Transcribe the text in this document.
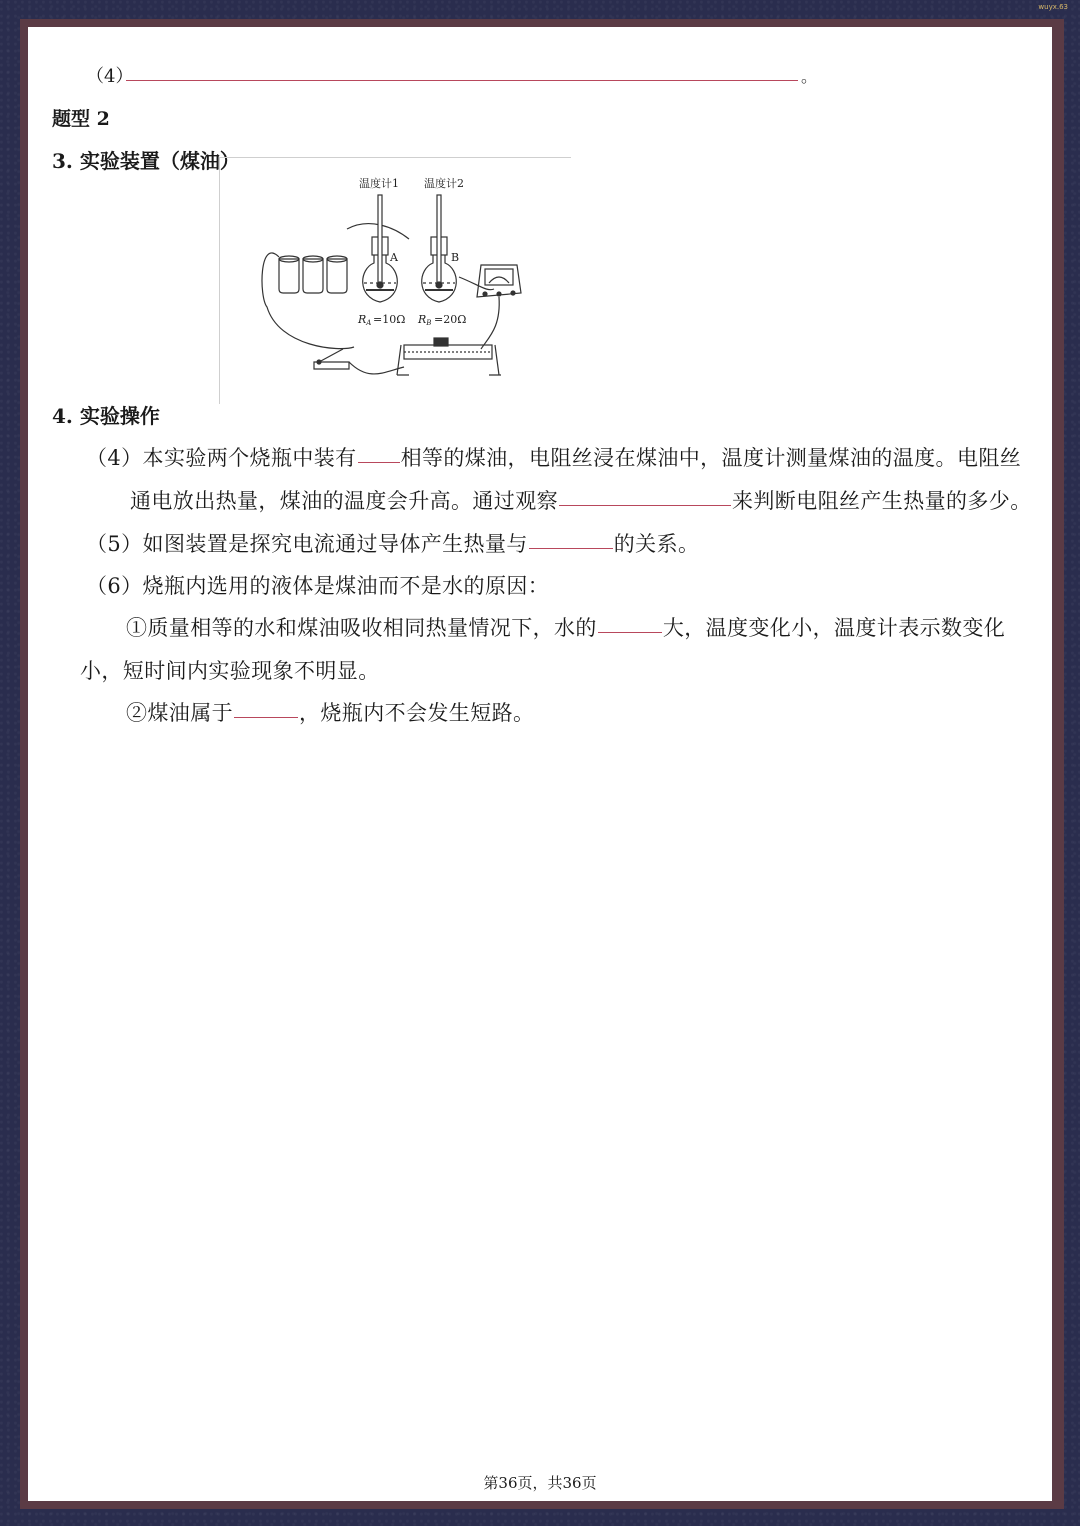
wuyx.63
（4）	。
题型 2
3. 实验装置（煤油）
温度计1 温度计2
A	B
RA =10Ω RB =20Ω
4. 实验操作
（4）本实验两个烧瓶中装有 相等的煤油，电阻丝浸在煤油中，温度计测量煤油的温度。电阻丝
通电放出热量，煤油的温度会升高。通过观察	来判断电阻丝产生热量的多少。
（5）如图装置是探究电流通过导体产生热量与	的关系。
（6）烧瓶内选用的液体是煤油而不是水的原因：
①质量相等的水和煤油吸收相同热量情况下，水的	大，温度变化小，温度计表示数变化
小，短时间内实验现象不明显。
②煤油属于	，烧瓶内不会发生短路。
第36页，共36页
